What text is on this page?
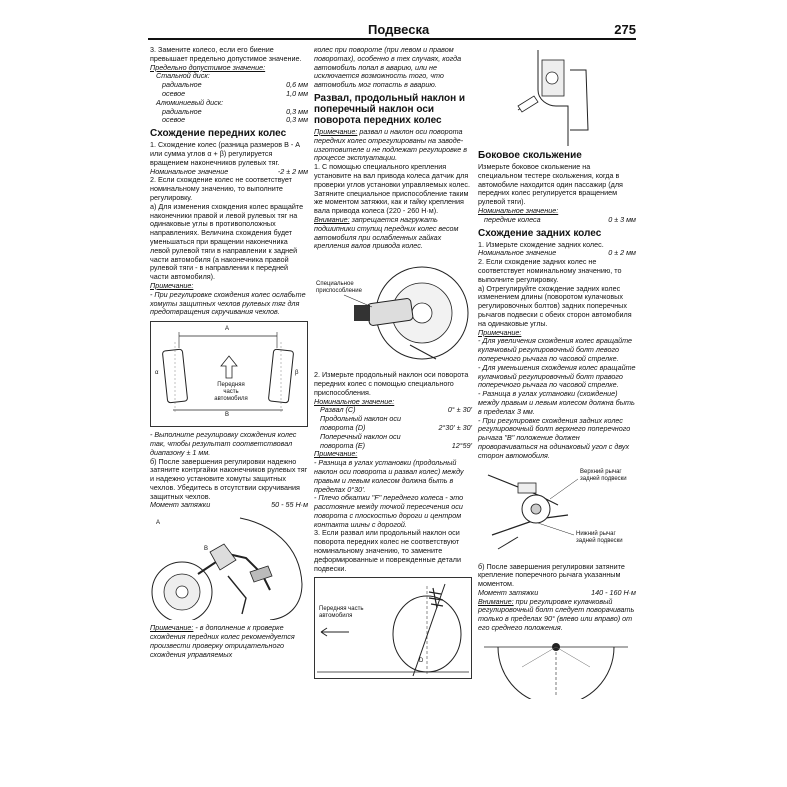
Подвеска	275

3. Замените колесо, если его биение превышает предельно допустимое значение.

Предельно допустимое значение:

Стальной диск:

радиальное	0,6 мм
осевое	1,0 мм

Алюминиевый диск:

радиальное	0,3 мм
осевое	0,3 мм
Схождение передних колес

1. Схождение колес (разница размеров В - А или сумма углов α + β) регулируется вращением наконечников рулевых тяг.

Номинальное значение	-2 ± 2 мм

2. Если схождение колес не соответствует номинальному значению, то выполните регулировку.

а) Для изменения схождения колес вращайте наконечники правой и левой рулевых тяг на одинаковые углы в противоположных направлениях. Величина схождения будет уменьшаться при вращении наконечника левой рулевой тяги в направлении к задней части автомобиля (а наконечника правой рулевой тяги - в направлении к передней части автомобиля).

Примечание:

- При регулировке схождения колес ослабьте хомуты защитных чехлов рулевых тяг для предотвращения скручивания чехлов.

A
B
α	β
Передняя часть автомобиля

- Выполните регулировку схождения колес так, чтобы результат соответствовал диапазону ± 1 мм.

б) После завершения регулировки надежно затяните контргайки наконечников рулевых тяг и надежно установите хомуты защитных чехлов. Убедитесь в отсутствии скручивания защитных чехлов.

Момент затяжки	50 - 55 Н·м
B
A

Примечание: - в дополнение к проверке схождения передних колес рекомендуется произвести проверку отрицательного схождения управляемых

колес при повороте (при левом и правом поворотах), особенно в тех случаях, когда автомобиль попал в аварию, или не исключается возможность того, что автомобиль мог попасть в аварию.

Развал, продольный наклон и поперечный наклон оси поворота передних колес

Примечание: развал и наклон оси поворота передних колес отрегулированы на заводе-изготовителе и не подлежат регулировке в процессе эксплуатации.

1. С помощью специального крепления установите на вал привода колеса датчик для проверки углов установки управляемых колес. Затяните специальное приспособление таким же моментом затяжки, как и гайку крепления вала привода колеса (220 - 260 Н·м).

Внимание: запрещается нагружать подшипники ступиц передних колес весом автомобиля при ослабленных гайках крепления валов привода колес.

Специальное приспособление

2. Измерьте продольный наклон оси поворота передних колес с помощью специального приспособления.

Номинальное значение:

Развал (С)	0° ± 30'

Продольный наклон оси

поворота (D)	2°30' ± 30'

Поперечный наклон оси

поворота (Е)	12°59'

Примечание:

- Разница в углах установки (продольный наклон оси поворота и развал колес) между правым и левым колесом должна быть в пределах 0°30'.

- Плечо обкатки "F" переднего колеса - это расстояние между точкой пересечения оси поворота с плоскостью дороги и центром контакта шины с дорогой.

3. Если развал или продольный наклон оси поворота передних колес не соответствуют номинальному значению, то замените деформированные и поврежденные детали подвески.

Передняя часть автомобиля
D
Боковое скольжение

Измерьте боковое скольжение на специальном тестере скольжения, когда в автомобиле находится один пассажир (для передних колес регулируется вращением рулевой тяги).

Номинальное значение:

передние колеса	0 ± 3 мм
Схождение задних колес

1. Измерьте схождение задних колес.

Номинальное значение	0 ± 2 мм

2. Если схождение задних колес не соответствует номинальному значению, то выполните регулировку.

а) Отрегулируйте схождение задних колес изменением длины (поворотом кулачковых регулировочных болтов) задних поперечных рычагов подвески с обеих сторон автомобиля на одинаковые углы.

Примечание:

- Для увеличения схождения колес вращайте кулачковый регулировочный болт левого поперечного рычага по часовой стрелке.

- Для уменьшения схождения колес вращайте кулачковый регулировочный болт правого поперечного рычага по часовой стрелке.

- Разница в углах установки (схождение) между правым и левым колесом должна быть в пределах 3 мм.

- При регулировке схождения задних колес регулировочный болт верхнего поперечного рычага "В" положение должен проворачиваться на одинаковый угол с двух сторон автомобиля.

Верхний рычаг задней подвески
Нижний рычаг задней подвески

б) После завершения регулировки затяните крепление поперечного рычага указанным моментом.

Момент затяжки	140 - 160 Н·м

Внимание: при регулировке кулачковый регулировочный болт следует поворачивать только в пределах 90° (влево или вправо) от его среднего положения.
